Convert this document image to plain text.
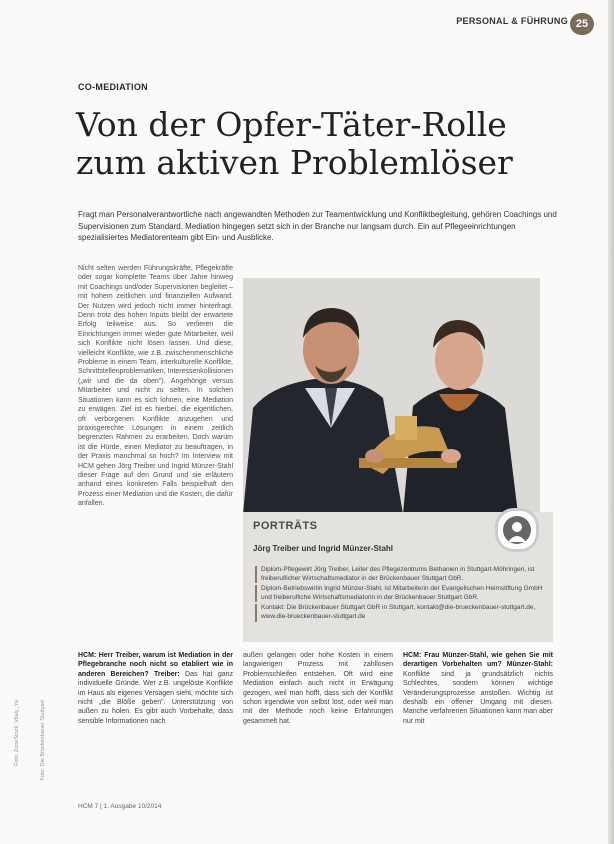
PERSONAL & FÜHRUNG 25
CO-MEDIATION
Von der Opfer-Täter-Rolle
zum aktiven Problemlöser
Fragt man Personalverantwortliche nach angewandten Methoden zur Teamentwicklung und Konfliktbegleitung, gehören Coachings und Supervisionen zum Standard. Mediation hingegen setzt sich in der Branche nur langsam durch. Ein auf Pflegeeinrichtungen spezialisiertes Mediatorenteam gibt Ein- und Ausblicke.
Nicht selten werden Führungskräfte, Pflegekräfte oder sogar komplette Teams über Jahre hinweg mit Coachings und/oder Supervisionen begleitet – mit hohem zeitlichen und finanziellen Aufwand. Der Nutzen wird jedoch nicht immer hinterfragt. Denn trotz des hohen Inputs bleibt der erwartete Erfolg teilweise aus. So verlieren die Einrichtungen immer wieder gute Mitarbeiter, weil sich Konflikte nicht lösen lassen. Und diese, vielleicht Konflikte, wie z.B. zwischenmenschliche Probleme in einem Team, interkulturelle Konflikte, Schnittstellenproblematiken, Interessenkollisionen („wir und die da oben"). Angehörige versus Mitarbeiter und nicht zu selten. In solchen Situationen kann es sich lohnen, eine Mediation zu erwägen. Ziel ist es hierbei, die eigentlichen, oft verborgenen Konflikte anzugehen und praxisgerechte Lösungen in einem zeitlich begrenzten Rahmen zu erarbeiten. Doch warum ist die Hürde, einen Mediator zu beauftragen, in der Praxis manchmal so hoch? Im Interview mit HCM gehen Jörg Treiber und Ingrid Münzer-Stahl dieser Frage auf den Grund und sie erläutern anhand eines konkreten Falls beispielhaft den Prozess einer Mediation und die Kosten, die dafür anfallen.
PORTRÄTS
Jörg Treiber und Ingrid Münzer-Stahl

Diplom-Pflegewirt Jörg Treiber, Leiter des Pflegezentrums Bethanien in Stuttgart-Möhringen, ist freiberuflicher Wirtschaftsmediator in der Brückenbauer Stuttgart GbR.

Diplom-Betriebswirtin Ingrid Münzer-Stahl, ist Mitarbeiterin der Evangelischen Heimstiftung GmbH und freiberufliche Wirtschaftsmediatorin in der Brückenbauer Stuttgart GbR.

Kontakt: Die Brückenbauer Stuttgart GbR in Stuttgart, kontakt@die-brueckenbauer-stuttgart.de, www.die-brueckenbauer-stuttgart.de

HCM: Herr Treiber, warum ist Mediation in der Pflegebranche noch nicht so etabliert wie in anderen Bereichen? Treiber: Das hat ganz individuelle Gründe. Wer z.B. ungelöste Konflikte im Haus als eigenes Versagen sieht, möchte sich nicht „die Blöße geben". Unterstützung von außen zu holen. Es gibt auch Vorbehalte, dass sensible Informationen nach
außen gelangen oder hohe Kosten in einem langwierigen Prozess mit zahllosen Problemschleifen entstehen. Oft wird eine Mediation einfach auch nicht in Erwägung gezogen, weil man hofft, dass sich der Konflikt schon irgendwie von selbst löst, oder weil man mit der Methode noch keine Erfahrungen gesammelt hat.
HCM: Frau Münzer-Stahl, wie gehen Sie mit derartigen Vorbehalten um? Münzer-Stahl: Konflikte sind ja grundsätzlich nichts Schlechtes, sondern können wichtige Veränderungsprozesse anstoßen. Wichtig ist deshalb ein offener Umgang mit diesen. Manche verfahrenen Situationen kann man aber nur mit
HCM 7 | 1. Ausgabe 10/2014
Foto: ZoneStock, Vitaly_Ya	Foto: Die Brückenbauer Stuttgart
